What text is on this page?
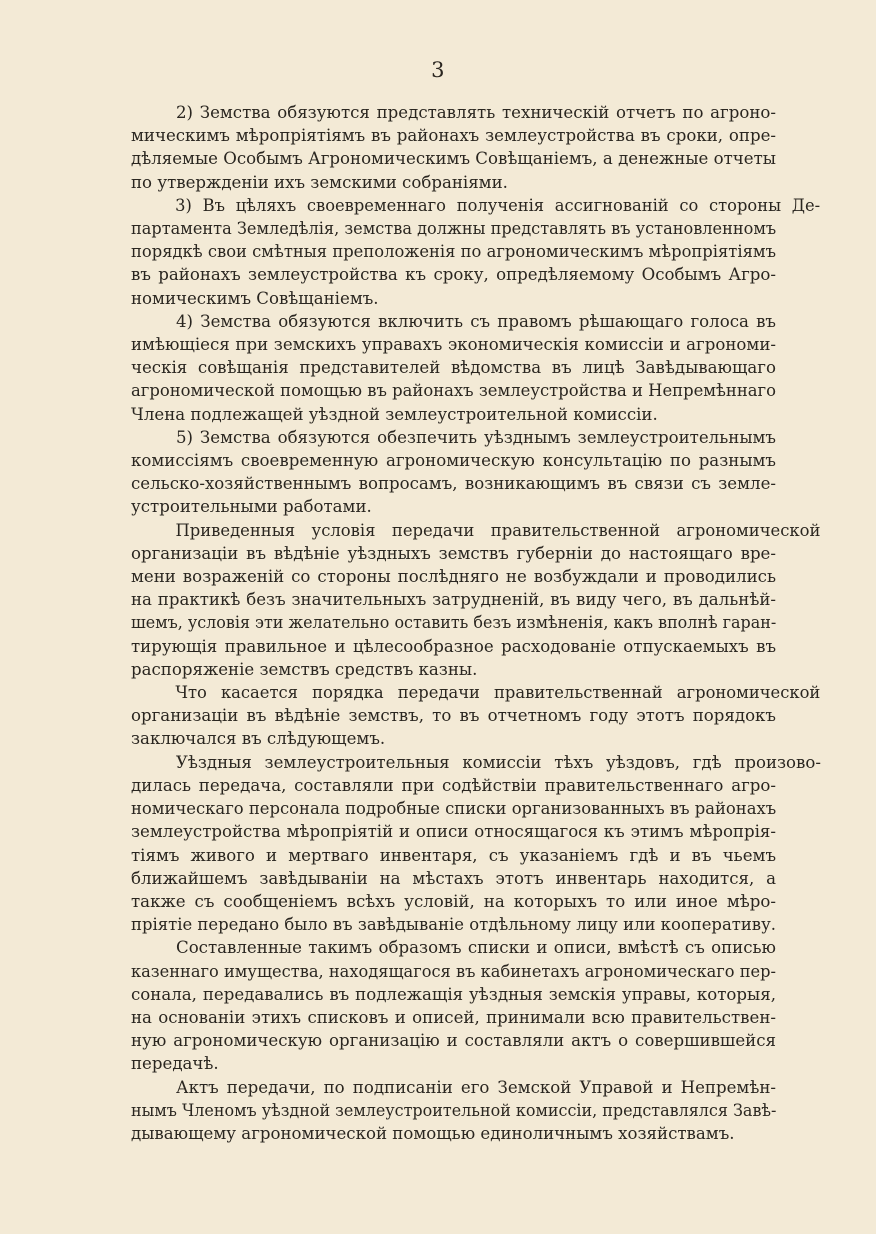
3
2) Земства обязуются представлять техническій отчетъ по агроно-
мическимъ мѣропріятіямъ въ районахъ землеустройства въ сроки, опре-
дѣляемые Особымъ Агрономическимъ Совѣщаніемъ, а денежные отчеты
по утвержденіи ихъ земскими собраніями.
3) Въ цѣляхъ своевременнаго полученія ассигнованій со стороны Де-
партамента Земледѣлія, земства должны представлять въ установленномъ
порядкѣ свои смѣтныя преположенія по агрономическимъ мѣропріятіямъ
въ районахъ землеустройства къ сроку, опредѣляемому Особымъ Агро-
номическимъ Совѣщаніемъ.
4) Земства обязуются включить съ правомъ рѣшающаго голоса въ
имѣющіеся при земскихъ управахъ экономическія комиссіи и агрономи-
ческія совѣщанія представителей вѣдомства въ лицѣ Завѣдывающаго
агрономической помощью въ районахъ землеустройства и Непремѣннаго
Члена подлежащей уѣздной землеустроительной комиссіи.
5) Земства обязуются обезпечить уѣзднымъ землеустроительнымъ
комиссіямъ своевременную агрономическую консультацію по разнымъ
сельско-хозяйственнымъ вопросамъ, возникающимъ въ связи съ земле-
устроительными работами.
Приведенныя условія передачи правительственной агрономической
организаціи въ вѣдѣніе уѣздныхъ земствъ губерніи до настоящаго вре-
мени возраженій со стороны послѣдняго не возбуждали и проводились
на практикѣ безъ значительныхъ затрудненій, въ виду чего, въ дальнѣй-
шемъ, условія эти желательно оставить безъ измѣненія, какъ вполнѣ гаран-
тирующія правильное и цѣлесообразное расходованіе отпускаемыхъ въ
распоряженіе земствъ средствъ казны.
Что касается порядка передачи правительственнай агрономической
организаціи въ вѣдѣніе земствъ, то въ отчетномъ году этотъ порядокъ
заключался въ слѣдующемъ.
Уѣздныя землеустроительныя комиссіи тѣхъ уѣздовъ, гдѣ произово-
дилась передача, составляли при содѣйствіи правительственнаго агро-
номическаго персонала подробные списки организованныхъ въ районахъ
землеустройства мѣропріятій и описи относящагося къ этимъ мѣропрія-
тіямъ живого и мертваго инвентаря, съ указаніемъ гдѣ и въ чьемъ
ближайшемъ завѣдываніи на мѣстахъ этотъ инвентарь находится, а
также съ сообщеніемъ всѣхъ условій, на которыхъ то или иное мѣро-
пріятіе передано было въ завѣдываніе отдѣльному лицу или кооперативу.
Составленные такимъ образомъ списки и описи, вмѣстѣ съ описью
казеннаго имущества, находящагося въ кабинетахъ агрономическаго пер-
сонала, передавались въ подлежащія уѣздныя земскія управы, которыя,
на основаніи этихъ списковъ и описей, принимали всю правительствен-
ную агрономическую организацію и составляли актъ о совершившейся
передачѣ.
Актъ передачи, по подписаніи его Земской Управой и Непремѣн-
нымъ Членомъ уѣздной землеустроительной комиссіи, представлялся Завѣ-
дывающему агрономической помощью единоличнымъ хозяйствамъ.
